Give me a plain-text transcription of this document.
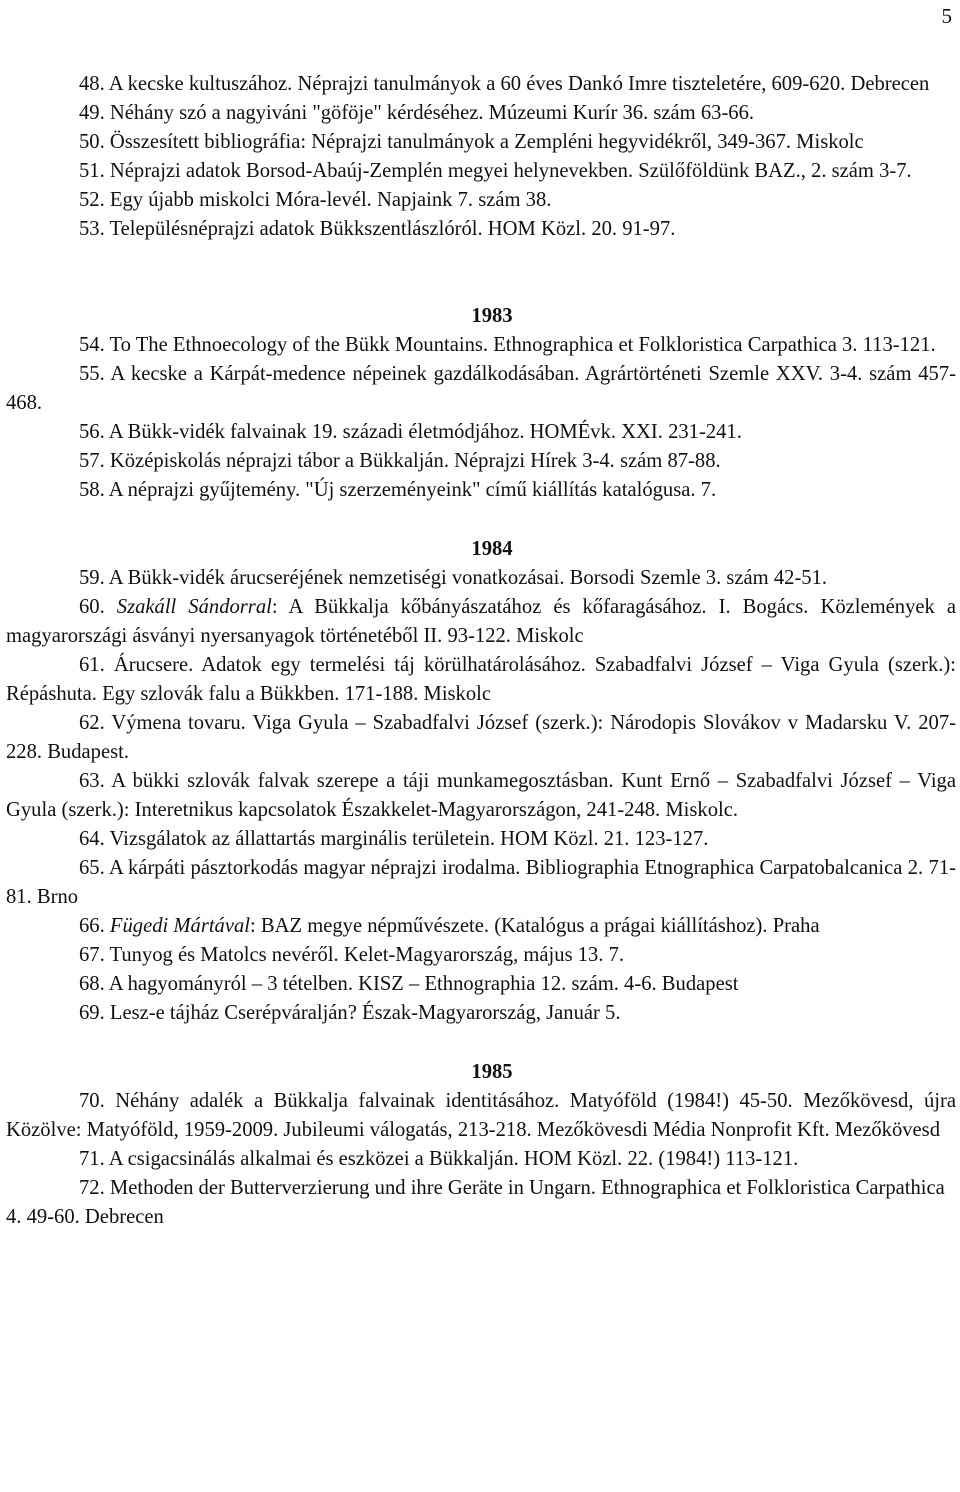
5

48. A kecske kultuszához. Néprajzi tanulmányok a 60 éves Dankó Imre tiszteletére, 609-620. Debrecen

49. Néhány szó a nagyiváni "göföje" kérdéséhez. Múzeumi Kurír 36. szám 63-66.

50. Összesített bibliográfia: Néprajzi tanulmányok a Zempléni hegyvidékről, 349-367. Miskolc

51. Néprajzi adatok Borsod-Abaúj-Zemplén megyei helynevekben. Szülőföldünk BAZ., 2. szám 3-7.

52. Egy újabb miskolci Móra-levél. Napjaink 7. szám 38.

53. Településnéprajzi adatok Bükkszentlászlóról. HOM Közl. 20. 91-97.

1983

54. To The Ethnoecology of the Bükk Mountains. Ethnographica et Folkloristica Carpathica 3. 113-121.

55. A kecske a Kárpát-medence népeinek gazdálkodásában. Agrártörténeti Szemle XXV. 3-4. szám 457-468.

56. A Bükk-vidék falvainak 19. századi életmódjához. HOMÉvk. XXI. 231-241.

57. Középiskolás néprajzi tábor a Bükkalján. Néprajzi Hírek 3-4. szám 87-88.

58. A néprajzi gyűjtemény. "Új szerzeményeink" című kiállítás katalógusa. 7.

1984

59. A Bükk-vidék árucseréjének nemzetiségi vonatkozásai. Borsodi Szemle 3. szám 42-51.

60. Szakáll Sándorral: A Bükkalja kőbányászatához és kőfaragásához. I. Bogács. Közlemények a magyarországi ásványi nyersanyagok történetéből II. 93-122. Miskolc

61. Árucsere. Adatok egy termelési táj körülhatárolásához. Szabadfalvi József – Viga Gyula (szerk.): Répáshuta. Egy szlovák falu a Bükkben. 171-188. Miskolc

62. Výmena tovaru. Viga Gyula – Szabadfalvi József (szerk.): Národopis Slovákov v Madarsku V. 207-228. Budapest.

63. A bükki szlovák falvak szerepe a táji munkamegosztásban. Kunt Ernő – Szabadfalvi József – Viga Gyula (szerk.): Interetnikus kapcsolatok Északkelet-Magyarországon, 241-248. Miskolc.

64. Vizsgálatok az állattartás marginális területein. HOM Közl. 21. 123-127.

65. A kárpáti pásztorkodás magyar néprajzi irodalma. Bibliographia Etnographica Carpatobalcanica 2. 71-81. Brno

66. Fügedi Mártával: BAZ megye népművészete. (Katalógus a prágai kiállításhoz). Praha

67. Tunyog és Matolcs nevéről. Kelet-Magyarország, május 13. 7.

68. A hagyományról – 3 tételben. KISZ – Ethnographia 12. szám. 4-6. Budapest

69. Lesz-e tájház Cserépváralján? Észak-Magyarország, Január 5.

1985

70. Néhány adalék a Bükkalja falvainak identitásához. Matyóföld (1984!) 45-50. Mezőkövesd, újra Közölve: Matyóföld, 1959-2009. Jubileumi válogatás, 213-218. Mezőkövesdi Média Nonprofit Kft. Mezőkövesd

71. A csigacsinálás alkalmai és eszközei a Bükkalján. HOM Közl. 22. (1984!) 113-121.

72. Methoden der Butterverzierung und ihre Geräte in Ungarn. Ethnographica et Folkloristica Carpathica 4. 49-60. Debrecen
